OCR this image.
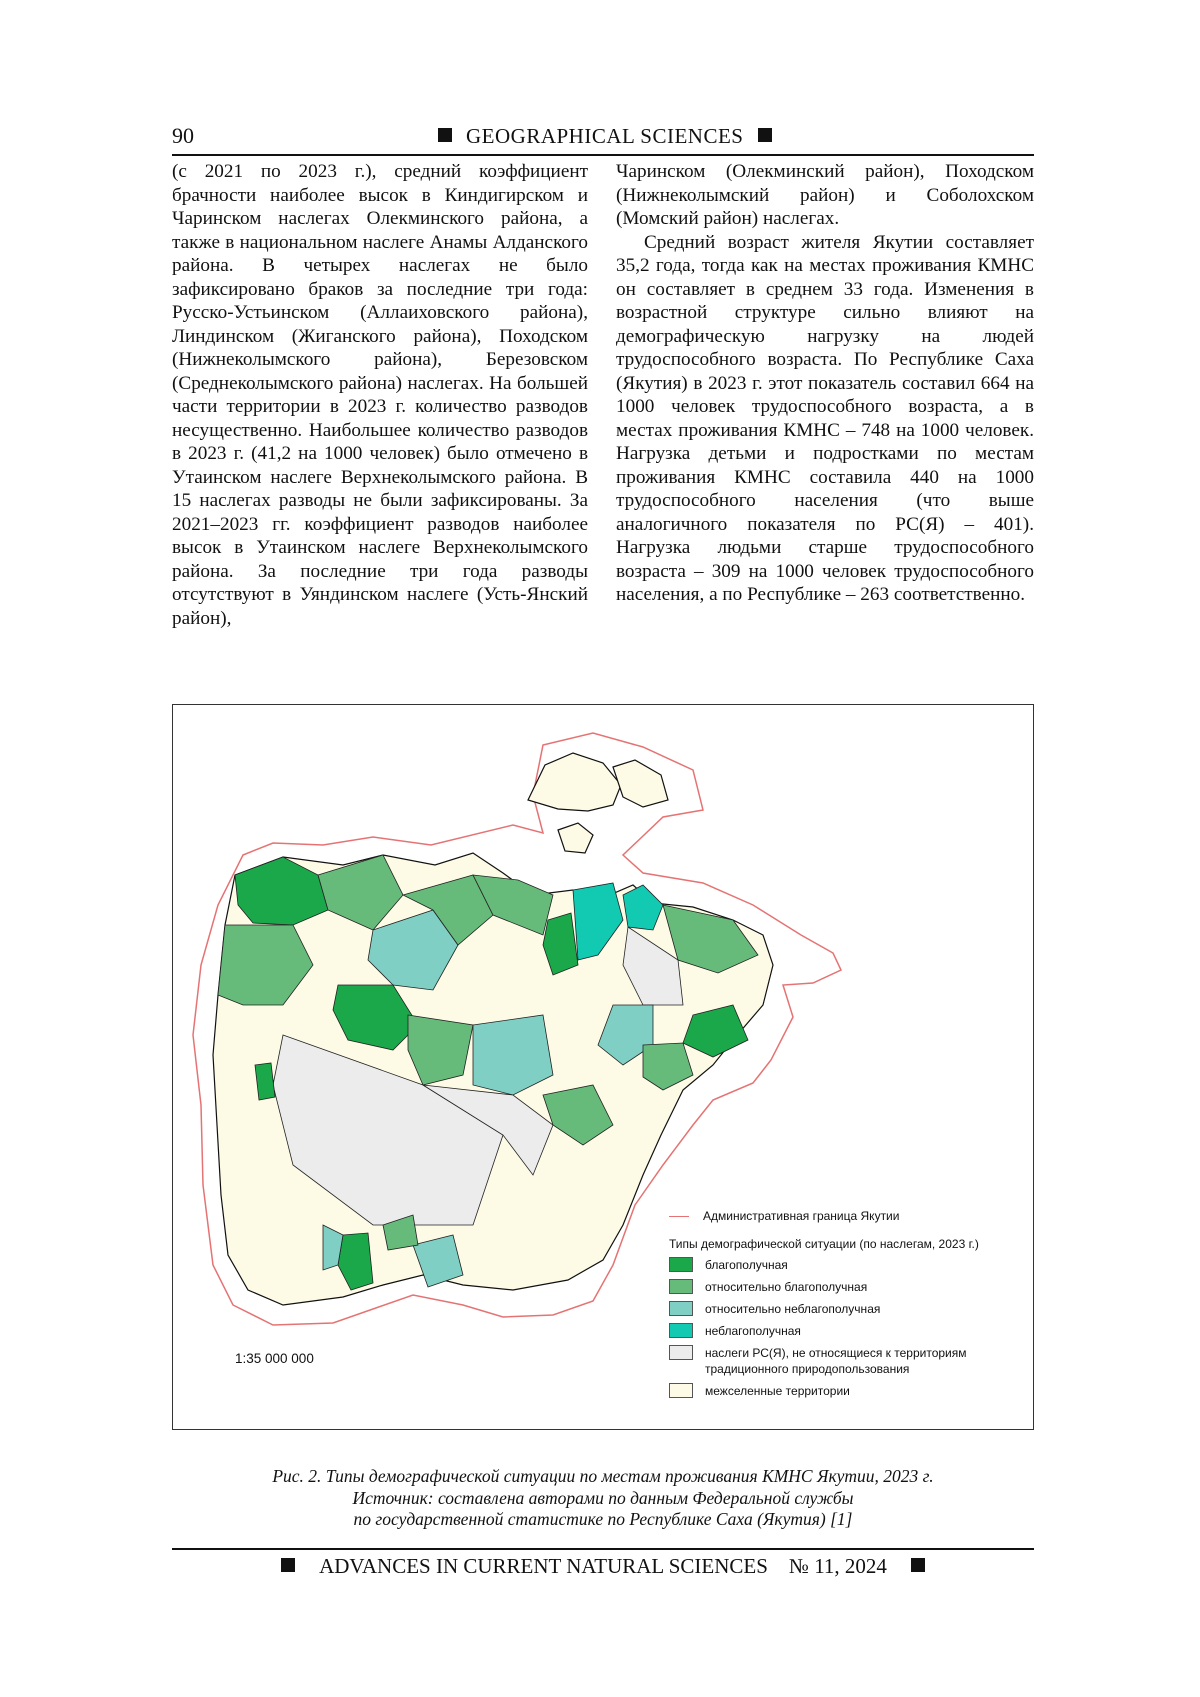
90	GEOGRAPHICAL SCIENCES

(с 2021 по 2023 г.), средний коэффициент брачности наиболее высок в Киндигирском и Чаринском наслегах Олекминского района, а также в национальном наслеге Анамы Алданского района. В четырех наслегах не было зафиксировано браков за последние три года: Русско-Устьинском (Аллаиховского района), Линдинском (Жиганского района), Походском (Нижнеколымского района), Березовском (Среднеколымского района) наслегах. На большей части территории в 2023 г. количество разводов несущественно. Наибольшее количество разводов в 2023 г. (41,2 на 1000 человек) было отмечено в Утаинском наслеге Верхнеколымского района. В 15 наслегах разводы не были зафиксированы. За 2021–2023 гг. коэффициент разводов наиболее высок в Утаинском наслеге Верхнеколымского района. За последние три года разводы отсутствуют в Уяндинском наслеге (Усть-Янский район),

Чаринском (Олекминский район), Походском (Нижнеколымский район) и Соболохском (Момский район) наслегах.

Средний возраст жителя Якутии составляет 35,2 года, тогда как на местах проживания КМНС он составляет в среднем 33 года. Изменения в возрастной структуре сильно влияют на демографическую нагрузку на людей трудоспособного возраста. По Республике Саха (Якутия) в 2023 г. этот показатель составил 664 на 1000 человек трудоспособного возраста, а в местах проживания КМНС – 748 на 1000 человек. Нагрузка детьми и подростками по местам проживания КМНС составила 440 на 1000 трудоспособного населения (что выше аналогичного показателя по РС(Я) – 401). Нагрузка людьми старше трудоспособного возраста – 309 на 1000 человек трудоспособного населения, а по Республике – 263 соответственно.

Административная граница Якутии
Типы демографической ситуации (по наслегам, 2023 г.)
благополучная
относительно благополучная
относительно неблагополучная
неблагополучная
наслеги РС(Я), не относящиеся к территориям традиционного природопользования
межселенные территории
1:35 000 000
Рис. 2. Типы демографической ситуации по местам проживания КМНС Якутии, 2023 г.
Источник: составлена авторами по данным Федеральной службы
по государственной статистике по Республике Саха (Якутия) [1]
ADVANCES IN CURRENT NATURAL SCIENCES № 11, 2024
